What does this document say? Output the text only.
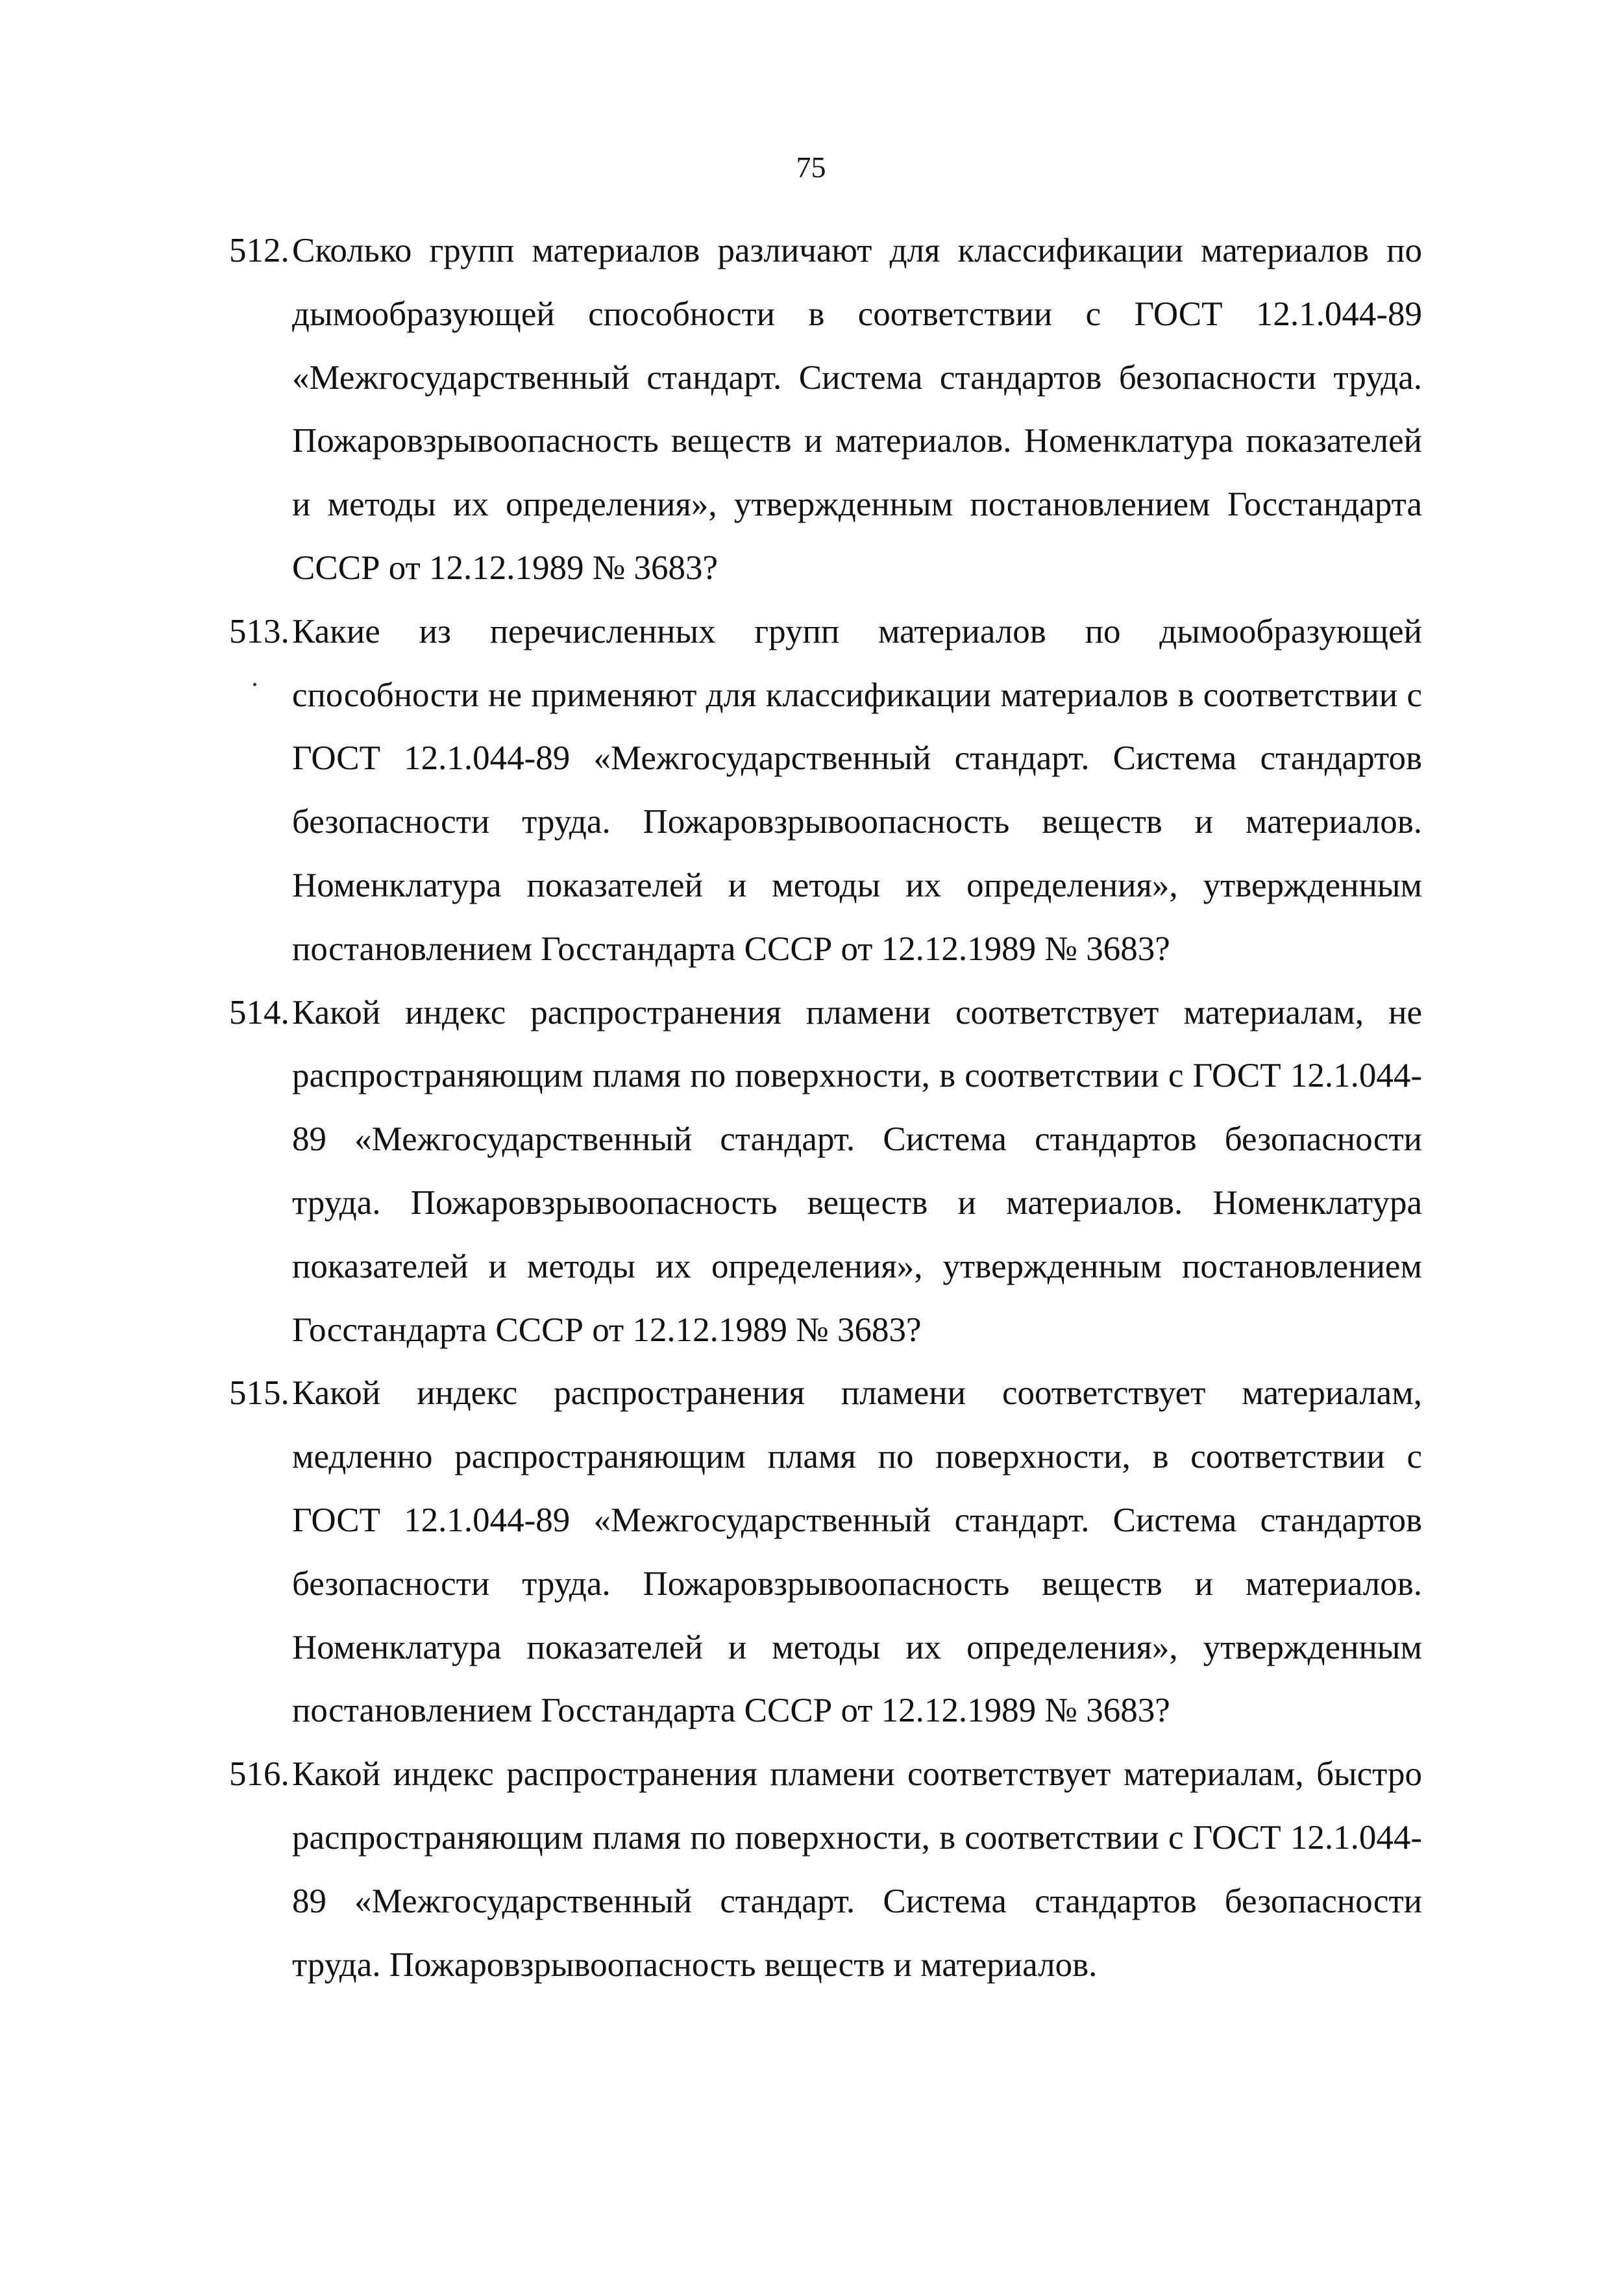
75
512. Сколько групп материалов различают для классификации материалов по дымообразующей способности в соответствии с ГОСТ 12.1.044-89 «Межгосударственный стандарт. Система стандартов безопасности труда. Пожаровзрывоопасность веществ и материалов. Номенклатура показателей и методы их определения», утвержденным постановлением Госстандарта СССР от 12.12.1989 № 3683?
513. Какие из перечисленных групп материалов по дымообразующей способности не применяют для классификации материалов в соответствии с ГОСТ 12.1.044-89 «Межгосударственный стандарт. Система стандартов безопасности труда. Пожаровзрывоопасность веществ и материалов. Номенклатура показателей и методы их определения», утвержденным постановлением Госстандарта СССР от 12.12.1989 № 3683?
514. Какой индекс распространения пламени соответствует материалам, не распространяющим пламя по поверхности, в соответствии с ГОСТ 12.1.044-89 «Межгосударственный стандарт. Система стандартов безопасности труда. Пожаровзрывоопасность веществ и материалов. Номенклатура показателей и методы их определения», утвержденным постановлением Госстандарта СССР от 12.12.1989 № 3683?
515. Какой индекс распространения пламени соответствует материалам, медленно распространяющим пламя по поверхности, в соответствии с ГОСТ 12.1.044-89 «Межгосударственный стандарт. Система стандартов безопасности труда. Пожаровзрывоопасность веществ и материалов. Номенклатура показателей и методы их определения», утвержденным постановлением Госстандарта СССР от 12.12.1989 № 3683?
516. Какой индекс распространения пламени соответствует материалам, быстро распространяющим пламя по поверхности, в соответствии с ГОСТ 12.1.044-89 «Межгосударственный стандарт. Система стандартов безопасности труда. Пожаровзрывоопасность веществ и материалов.
